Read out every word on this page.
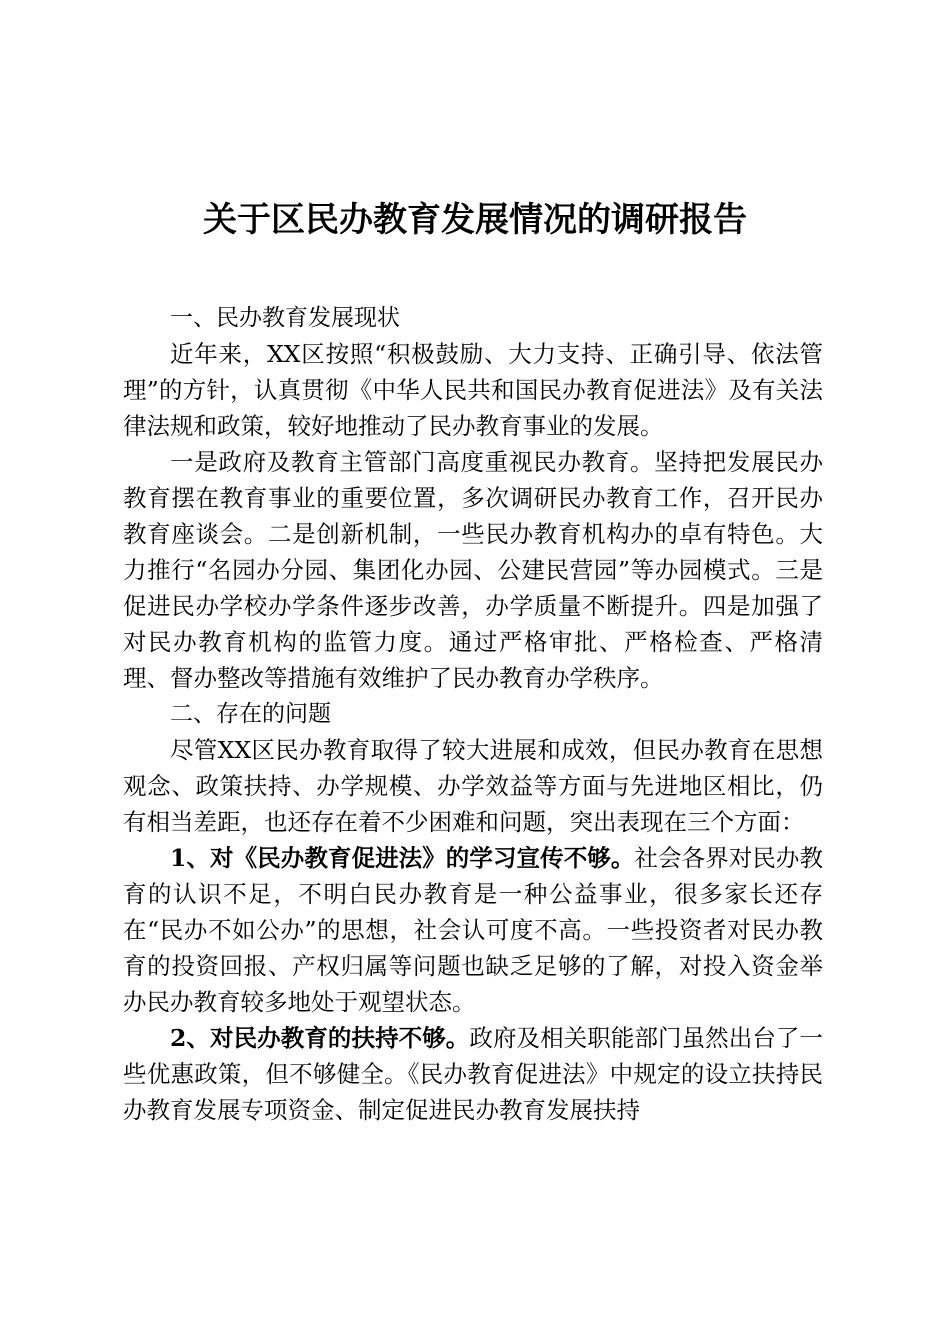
关于区民办教育发展情况的调研报告

一、民办教育发展现状

近年来，XX区按照“积极鼓励、大力支持、正确引导、依法管理”的方针，认真贯彻《中华人民共和国民办教育促进法》及有关法律法规和政策，较好地推动了民办教育事业的发展。

一是政府及教育主管部门高度重视民办教育。坚持把发展民办教育摆在教育事业的重要位置，多次调研民办教育工作，召开民办教育座谈会。二是创新机制，一些民办教育机构办的卓有特色。大力推行“名园办分园、集团化办园、公建民营园”等办园模式。三是促进民办学校办学条件逐步改善，办学质量不断提升。四是加强了对民办教育机构的监管力度。通过严格审批、严格检查、严格清理、督办整改等措施有效维护了民办教育办学秩序。

二、存在的问题

尽管XX区民办教育取得了较大进展和成效，但民办教育在思想观念、政策扶持、办学规模、办学效益等方面与先进地区相比，仍有相当差距，也还存在着不少困难和问题，突出表现在三个方面：

1、对《民办教育促进法》的学习宣传不够。社会各界对民办教育的认识不足，不明白民办教育是一种公益事业，很多家长还存在“民办不如公办”的思想，社会认可度不高。一些投资者对民办教育的投资回报、产权归属等问题也缺乏足够的了解，对投入资金举办民办教育较多地处于观望状态。

2、对民办教育的扶持不够。政府及相关职能部门虽然出台了一些优惠政策，但不够健全。《民办教育促进法》中规定的设立扶持民办教育发展专项资金、制定促进民办教育发展扶持
